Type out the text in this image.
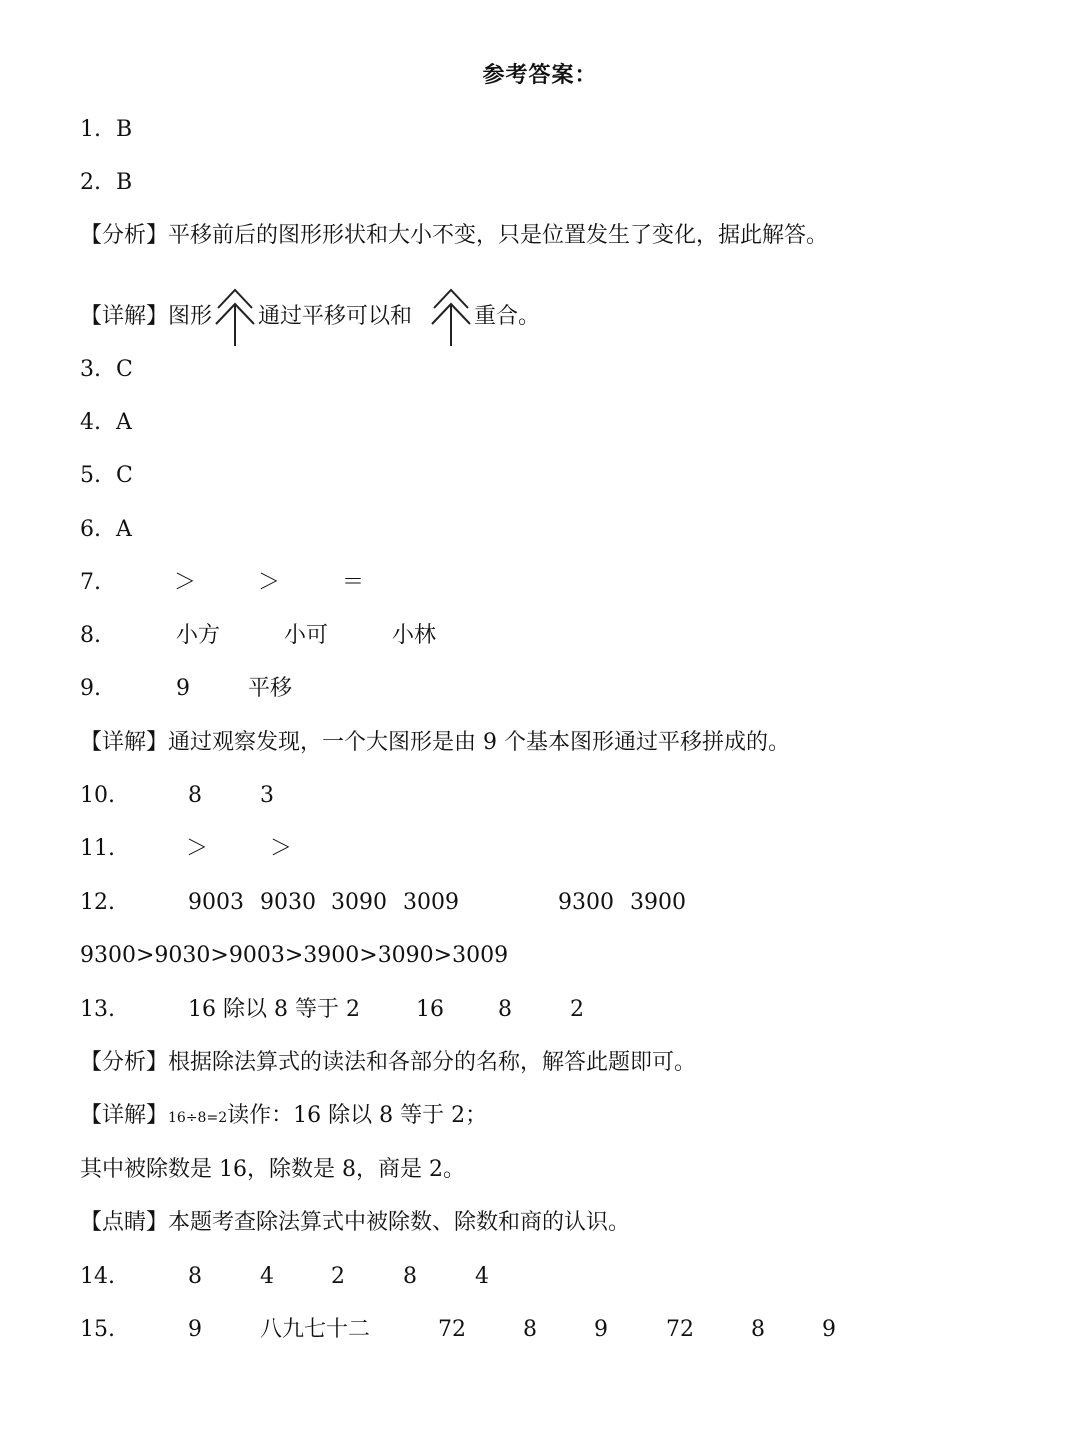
参考答案：
1. B
2. B
【分析】平移前后的图形形状和大小不变，只是位置发生了变化，据此解答。
【详解】图形 通过平移可以和	重合。
3. C
4. A
5. C
6. A
7.	＞	＞	＝
8.	小方	小可	小林
9.	9	平移
【详解】通过观察发现，一个大图形是由 9 个基本图形通过平移拼成的。
10.	8	3
11.	＞	＞
12.	9003 9030 3090 3009	9300 3900
9300>9030>9003>3900>3090>3009
13.	16 除以 8 等于 2	16 8	2
【分析】根据除法算式的读法和各部分的名称，解答此题即可。
【详解】16÷8=2读作：16 除以 8 等于 2；
其中被除数是 16，除数是 8，商是 2。
【点睛】本题考查除法算式中被除数、除数和商的认识。
14.	8	4	2	8	4
15.	9	八九七十二	72	8	9	72	8	9
